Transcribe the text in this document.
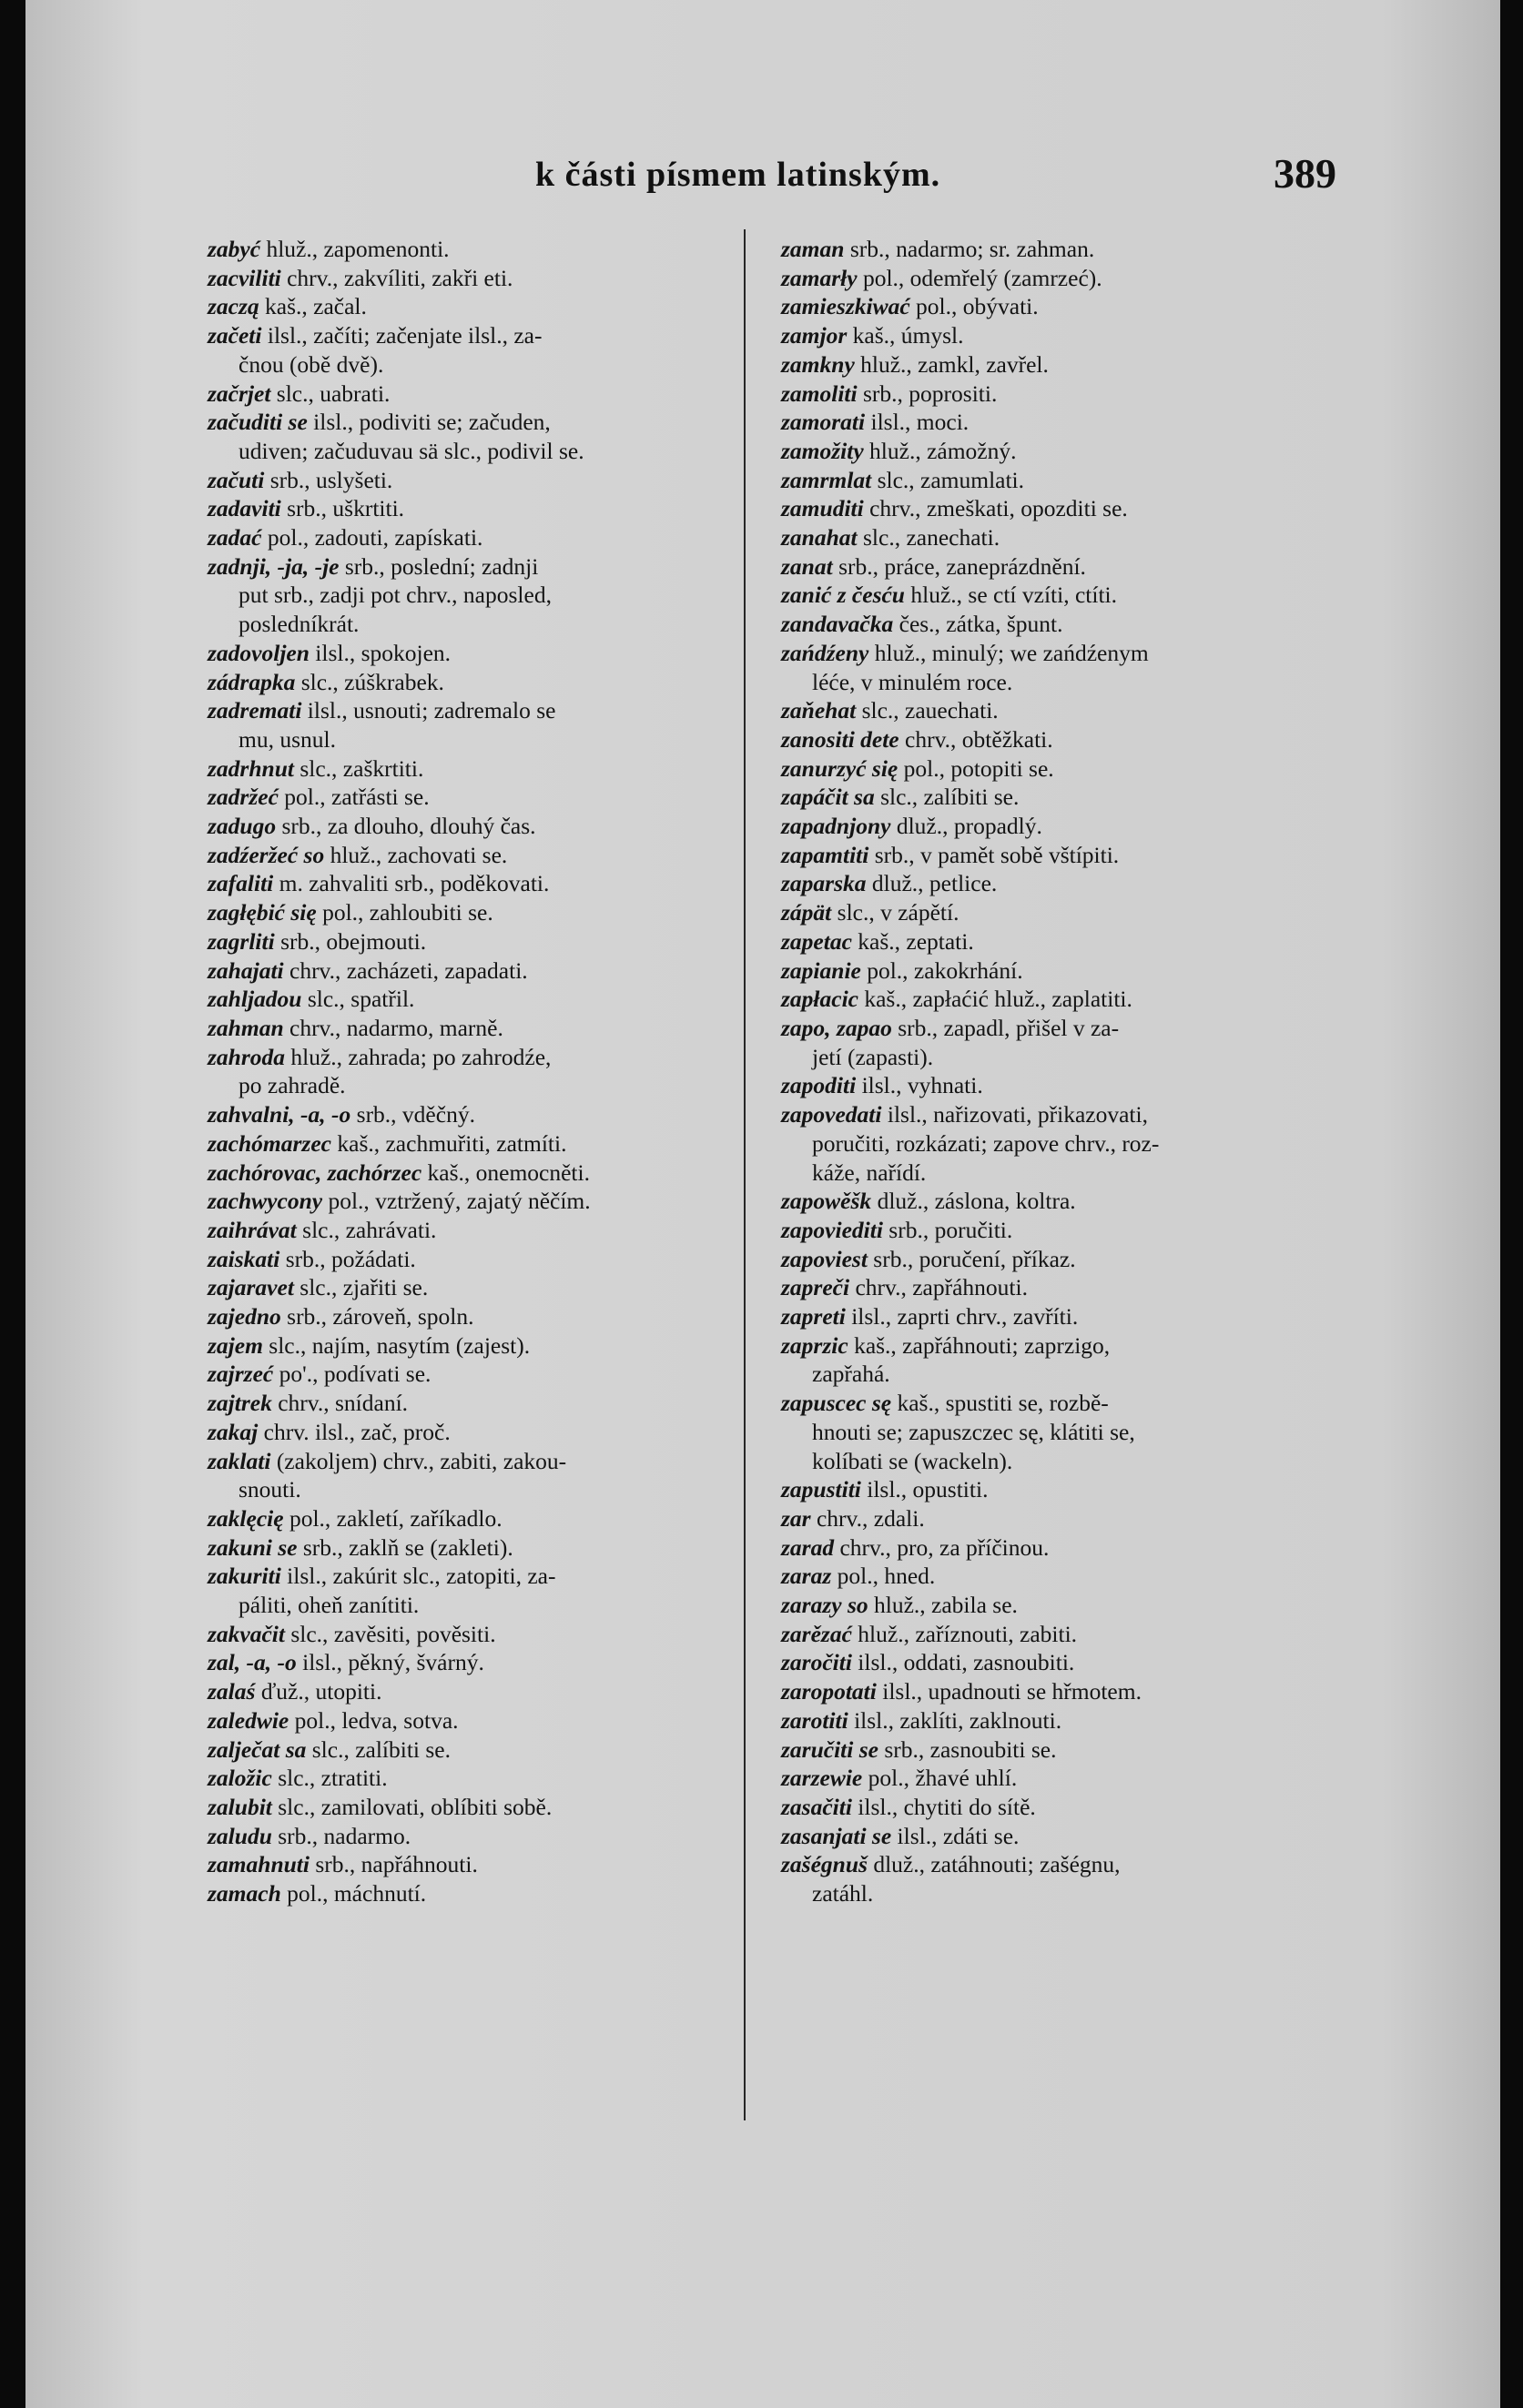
k části písmem latinským.	389
zabyć hluž., zapomenonti.
zacviliti chrv., zakvíliti, zakři eti.
zaczą kaš., začal.
začeti ilsl., začíti; začenjate ilsl., za-
čnou (obě dvě).
začrjet slc., uabrati.
začuditi se ilsl., podiviti se; začuden,
udiven; začuduvau sä slc., podivil se.
začuti srb., uslyšeti.
zadaviti srb., uškrtiti.
zadać pol., zadouti, zapískati.
zadnji, -ja, -je srb., poslední; zadnji
put srb., zadji pot chrv., naposled,
posledníkrát.
zadovoljen ilsl., spokojen.
zádrapka slc., zúškrabek.
zadremati ilsl., usnouti; zadremalo se
mu, usnul.
zadrhnut slc., zaškrtiti.
zadržeć pol., zatřásti se.
zadugo srb., za dlouho, dlouhý čas.
zadźeržeć so hluž., zachovati se.
zafaliti m. zahvaliti srb., poděkovati.
zagłębić się pol., zahloubiti se.
zagrliti srb., obejmouti.
zahajati chrv., zacházeti, zapadati.
zahljadou slc., spatřil.
zahman chrv., nadarmo, marně.
zahroda hluž., zahrada; po zahrodźe,
po zahradě.
zahvalni, -a, -o srb., vděčný.
zachómarzec kaš., zachmuřiti, zatmíti.
zachórovac, zachórzec kaš., onemocněti.
zachwycony pol., vztržený, zajatý něčím.
zaihrávat slc., zahrávati.
zaiskati srb., požádati.
zajaravet slc., zjařiti se.
zajedno srb., zároveň, spoln.
zajem slc., najím, nasytím (zajest).
zajrzeć po'., podívati se.
zajtrek chrv., snídaní.
zakaj chrv. ilsl., zač, proč.
zaklati (zakoljem) chrv., zabiti, zakou-
snouti.
zaklęcię pol., zakletí, zaříkadlo.
zakuni se srb., zaklň se (zakleti).
zakuriti ilsl., zakúrit slc., zatopiti, za-
páliti, oheň zanítiti.
zakvačit slc., zavěsiti, pověsiti.
zal, -a, -o ilsl., pěkný, švárný.
zalaś ďuž., utopiti.
zaledwie pol., ledva, sotva.
zalječat sa slc., zalíbiti se.
založic slc., ztratiti.
zalubit slc., zamilovati, oblíbiti sobě.
zaludu srb., nadarmo.
zamahnuti srb., napřáhnouti.
zamach pol., máchnutí.
zaman srb., nadarmo; sr. zahman.
zamarły pol., odemřelý (zamrzeć).
zamieszkiwać pol., obývati.
zamjor kaš., úmysl.
zamkny hluž., zamkl, zavřel.
zamoliti srb., poprositi.
zamorati ilsl., moci.
zamožity hluž., zámožný.
zamrmlat slc., zamumlati.
zamuditi chrv., zmeškati, opozditi se.
zanahat slc., zanechati.
zanat srb., práce, zaneprázdnění.
zanić z česću hluž., se ctí vzíti, ctíti.
zandavačka čes., zátka, špunt.
zańdźeny hluž., minulý; we zańdźenym
léće, v minulém roce.
zaňehat slc., zauechati.
zanositi dete chrv., obtěžkati.
zanurzyć się pol., potopiti se.
zapáčit sa slc., zalíbiti se.
zapadnjony dluž., propadlý.
zapamtiti srb., v pamět sobě vštípiti.
zaparska dluž., petlice.
zápät slc., v zápětí.
zapetac kaš., zeptati.
zapianie pol., zakokrhání.
zapłacic kaš., zapłaćić hluž., zaplatiti.
zapo, zapao srb., zapadl, přišel v za-
jetí (zapasti).
zapoditi ilsl., vyhnati.
zapovedati ilsl., nařizovati, přikazovati,
poručiti, rozkázati; zapove chrv., roz-
káže, nařídí.
zapowěšk dluž., záslona, koltra.
zapoviediti srb., poručiti.
zapoviest srb., poručení, příkaz.
zapreči chrv., zapřáhnouti.
zapreti ilsl., zaprti chrv., zavříti.
zaprzic kaš., zapřáhnouti; zaprzigo,
zapřahá.
zapuscec sę kaš., spustiti se, rozbě-
hnouti se; zapuszczec sę, klátiti se,
kolíbati se (wackeln).
zapustiti ilsl., opustiti.
zar chrv., zdali.
zarad chrv., pro, za příčinou.
zaraz pol., hned.
zarazy so hluž., zabila se.
zarězać hluž., zaříznouti, zabiti.
zaročiti ilsl., oddati, zasnoubiti.
zaropotati ilsl., upadnouti se hřmotem.
zarotiti ilsl., zaklíti, zaklnouti.
zaručiti se srb., zasnoubiti se.
zarzewie pol., žhavé uhlí.
zasačiti ilsl., chytiti do sítě.
zasanjati se ilsl., zdáti se.
zašégnuš dluž., zatáhnouti; zašégnu,
zatáhl.
